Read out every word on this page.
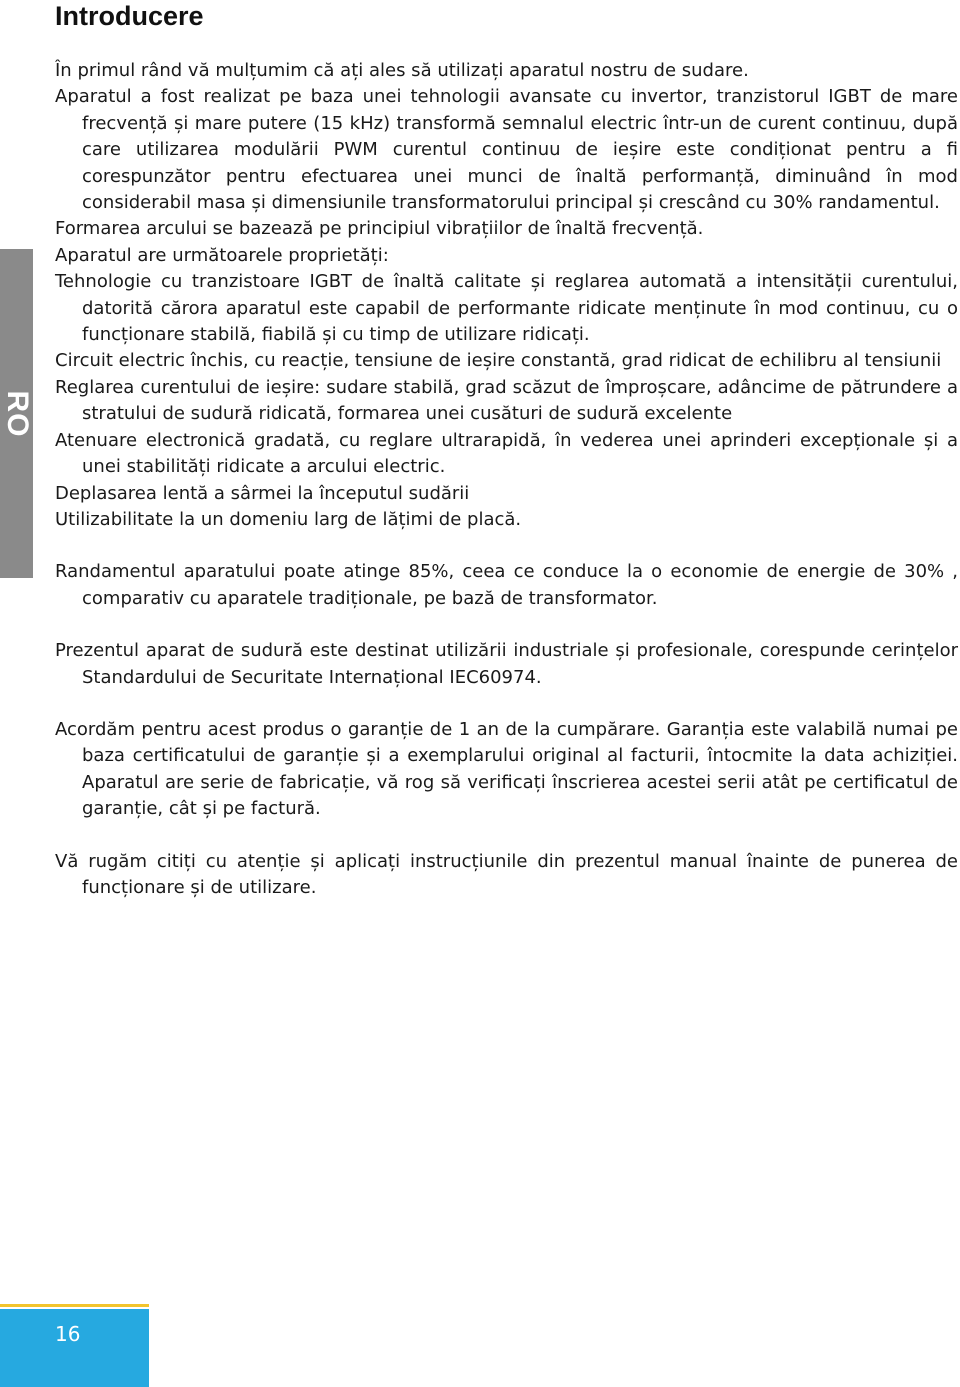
Introducere

În primul rând vă mulțumim că ați ales să utilizați aparatul nostru de sudare.

Aparatul a fost realizat pe baza unei tehnologii avansate cu invertor, tranzistorul IGBT de mare frecvență și mare putere (15 kHz) transformă semnalul electric într-un de curent continuu, după care utilizarea modulării PWM curentul continuu de ieșire este condiționat pentru a fi corespunzător pentru efectuarea unei munci de înaltă performanță, diminuând în mod considerabil masa și dimensiunile transformatorului principal și crescând cu 30% randamentul.

Formarea arcului se bazează pe principiul vibrațiilor de înaltă frecvență.

Aparatul are următoarele proprietăți:

Tehnologie cu tranzistoare IGBT de înaltă calitate și reglarea automată a intensității curentului, datorită cărora aparatul este capabil de performante ridicate menținute în mod continuu, cu o funcționare stabilă, fiabilă și cu timp de utilizare ridicați.

Circuit electric închis, cu reacție, tensiune de ieșire constantă, grad ridicat de echilibru al tensiunii

Reglarea curentului de ieșire: sudare stabilă, grad scăzut de împroșcare, adâncime de pătrundere a stratului de sudură ridicată, formarea unei cusături de sudură excelente

Atenuare electronică gradată, cu reglare ultrarapidă, în vederea unei aprinderi excepționale și a unei stabilități ridicate a arcului electric.

Deplasarea lentă a sârmei la începutul sudării

Utilizabilitate la un domeniu larg de lățimi de placă.

Randamentul aparatului poate atinge 85%, ceea ce conduce la o economie de energie de 30% , comparativ cu aparatele tradiționale, pe bază de transformator.

Prezentul aparat de sudură este destinat utilizării industriale și profesionale, corespunde cerințelor Standardului de Securitate Internațional IEC60974.

Acordăm pentru acest produs o garanție de 1 an de la cumpărare. Garanția este valabilă numai pe baza certificatului de garanție și a exemplarului original al facturii, întocmite la data achiziției. Aparatul are serie de fabricație, vă rog să verificați înscrierea acestei serii atât pe certificatul de garanție, cât și pe factură.

Vă rugăm citiți cu atenție și aplicați instrucțiunile din prezentul manual înainte de punerea de funcționare și de utilizare.

RO
16
